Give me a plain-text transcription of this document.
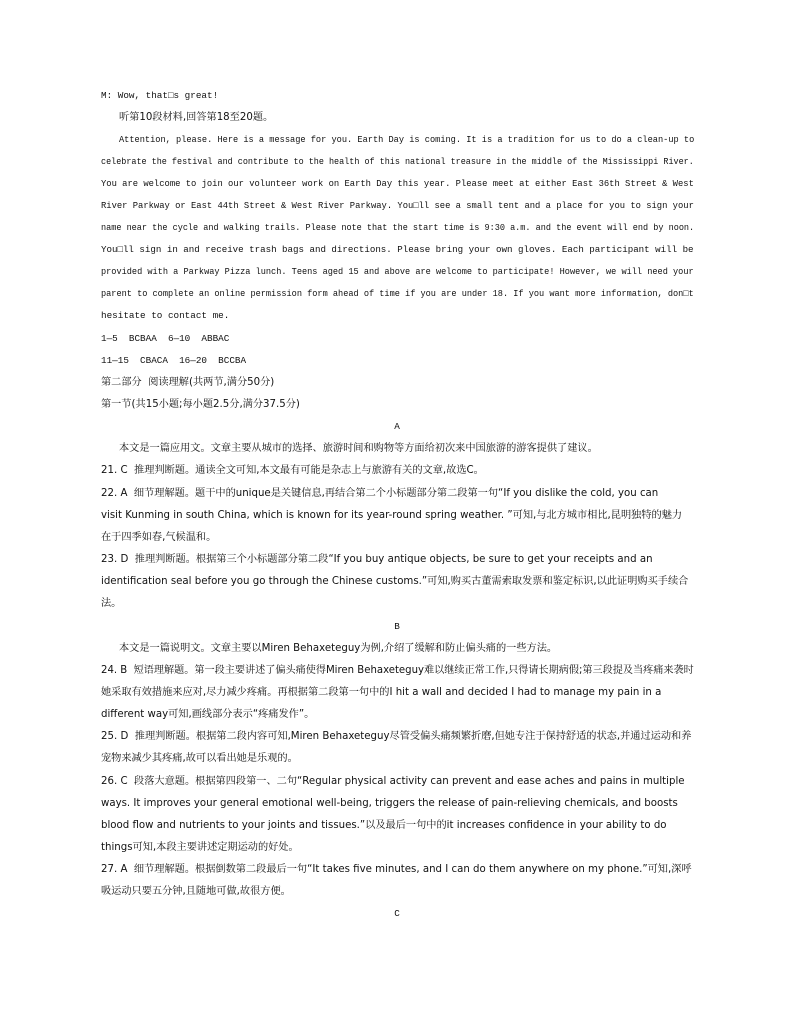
M: Wow, that□s great!
听第10段材料,回答第18至20题。
Attention, please. Here is a message for you. Earth Day is coming. It is a tradition for us to do a clean-up to
celebrate the festival and contribute to the health of this national treasure in the middle of the Mississippi River.
You are welcome to join our volunteer work on Earth Day this year. Please meet at either East 36th Street & West
River Parkway or East 44th Street & West River Parkway. You□ll see a small tent and a place for you to sign your
name near the cycle and walking trails. Please note that the start time is 9:30 a.m. and the event will end by noon.
You□ll sign in and receive trash bags and directions. Please bring your own gloves. Each participant will be
provided with a Parkway Pizza lunch. Teens aged 15 and above are welcome to participate! However, we will need your
parent to complete an online permission form ahead of time if you are under 18. If you want more information, don□t
hesitate to contact me.
1—5  BCBAA  6—10  ABBAC
11—15  CBACA  16—20  BCCBA
第二部分  阅读理解(共两节,满分50分)
第一节(共15小题;每小题2.5分,满分37.5分)
A
本文是一篇应用文。文章主要从城市的选择、旅游时间和购物等方面给初次来中国旅游的游客提供了建议。
21. C  推理判断题。通读全文可知,本文最有可能是杂志上与旅游有关的文章,故选C。
22. A  细节理解题。题干中的unique是关键信息,再结合第二个小标题部分第二段第一句“If you dislike the cold, you can
visit Kunming in south China, which is known for its year-round spring weather. ”可知,与北方城市相比,昆明独特的魅力
在于四季如春,气候温和。
23. D  推理判断题。根据第三个小标题部分第二段“If you buy antique objects, be sure to get your receipts and an
identification seal before you go through the Chinese customs.”可知,购买古董需索取发票和鉴定标识,以此证明购买手续合
法。
B
本文是一篇说明文。文章主要以Miren Behaxeteguy为例,介绍了缓解和防止偏头痛的一些方法。
24. B  短语理解题。第一段主要讲述了偏头痛使得Miren Behaxeteguy难以继续正常工作,只得请长期病假;第三段提及当疼痛来袭时
她采取有效措施来应对,尽力减少疼痛。再根据第二段第一句中的I hit a wall and decided I had to manage my pain in a
different way可知,画线部分表示“疼痛发作”。
25. D  推理判断题。根据第二段内容可知,Miren Behaxeteguy尽管受偏头痛频繁折磨,但她专注于保持舒适的状态,并通过运动和养
宠物来减少其疼痛,故可以看出她是乐观的。
26. C  段落大意题。根据第四段第一、二句“Regular physical activity can prevent and ease aches and pains in multiple
ways. It improves your general emotional well-being, triggers the release of pain-relieving chemicals, and boosts
blood flow and nutrients to your joints and tissues.”以及最后一句中的it increases confidence in your ability to do
things可知,本段主要讲述定期运动的好处。
27. A  细节理解题。根据倒数第二段最后一句“It takes five minutes, and I can do them anywhere on my phone.”可知,深呼
吸运动只要五分钟,且随地可做,故很方便。
C
